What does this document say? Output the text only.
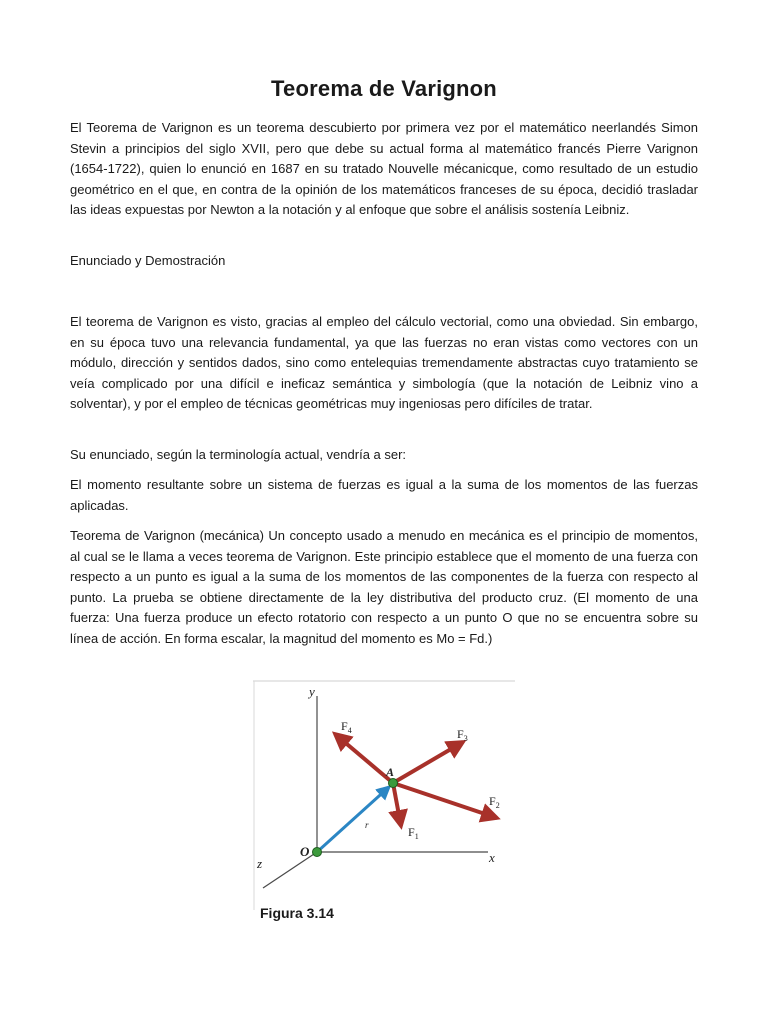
Teorema de Varignon

El Teorema de Varignon es un teorema descubierto por primera vez por el matemático neerlandés Simon Stevin a principios del siglo XVII, pero que debe su actual forma al matemático francés Pierre Varignon (1654-1722), quien lo enunció en 1687 en su tratado Nouvelle mécanicque, como resultado de un estudio geométrico en el que, en contra de la opinión de los matemáticos franceses de su época, decidió trasladar las ideas expuestas por Newton a la notación y al enfoque que sobre el análisis sostenía Leibniz.

Enunciado y Demostración

El teorema de Varignon es visto, gracias al empleo del cálculo vectorial, como una obviedad. Sin embargo, en su época tuvo una relevancia fundamental, ya que las fuerzas no eran vistas como vectores con un módulo, dirección y sentidos dados, sino como entelequias tremendamente abstractas cuyo tratamiento se veía complicado por una difícil e ineficaz semántica y simbología (que la notación de Leibniz vino a solventar), y por el empleo de técnicas geométricas muy ingeniosas pero difíciles de tratar.

Su enunciado, según la terminología actual, vendría a ser:

El momento resultante sobre un sistema de fuerzas es igual a la suma de los momentos de las fuerzas aplicadas.

Teorema de Varignon (mecánica) Un concepto usado a menudo en mecánica es el principio de momentos, al cual se le llama a veces teorema de Varignon. Este principio establece que el momento de una fuerza con respecto a un punto es igual a la suma de los momentos de las componentes de la fuerza con respecto al punto. La prueba se obtiene directamente de la ley distributiva del producto cruz. (El momento de una fuerza: Una fuerza produce un efecto rotatorio con respecto a un punto O que no se encuentra sobre su línea de acción. En forma escalar, la magnitud del momento es Mo = Fd.)

y
x
z
O
A
r
$F_4$	$F_3$
$F_2$
$F_1$
Figura 3.14
